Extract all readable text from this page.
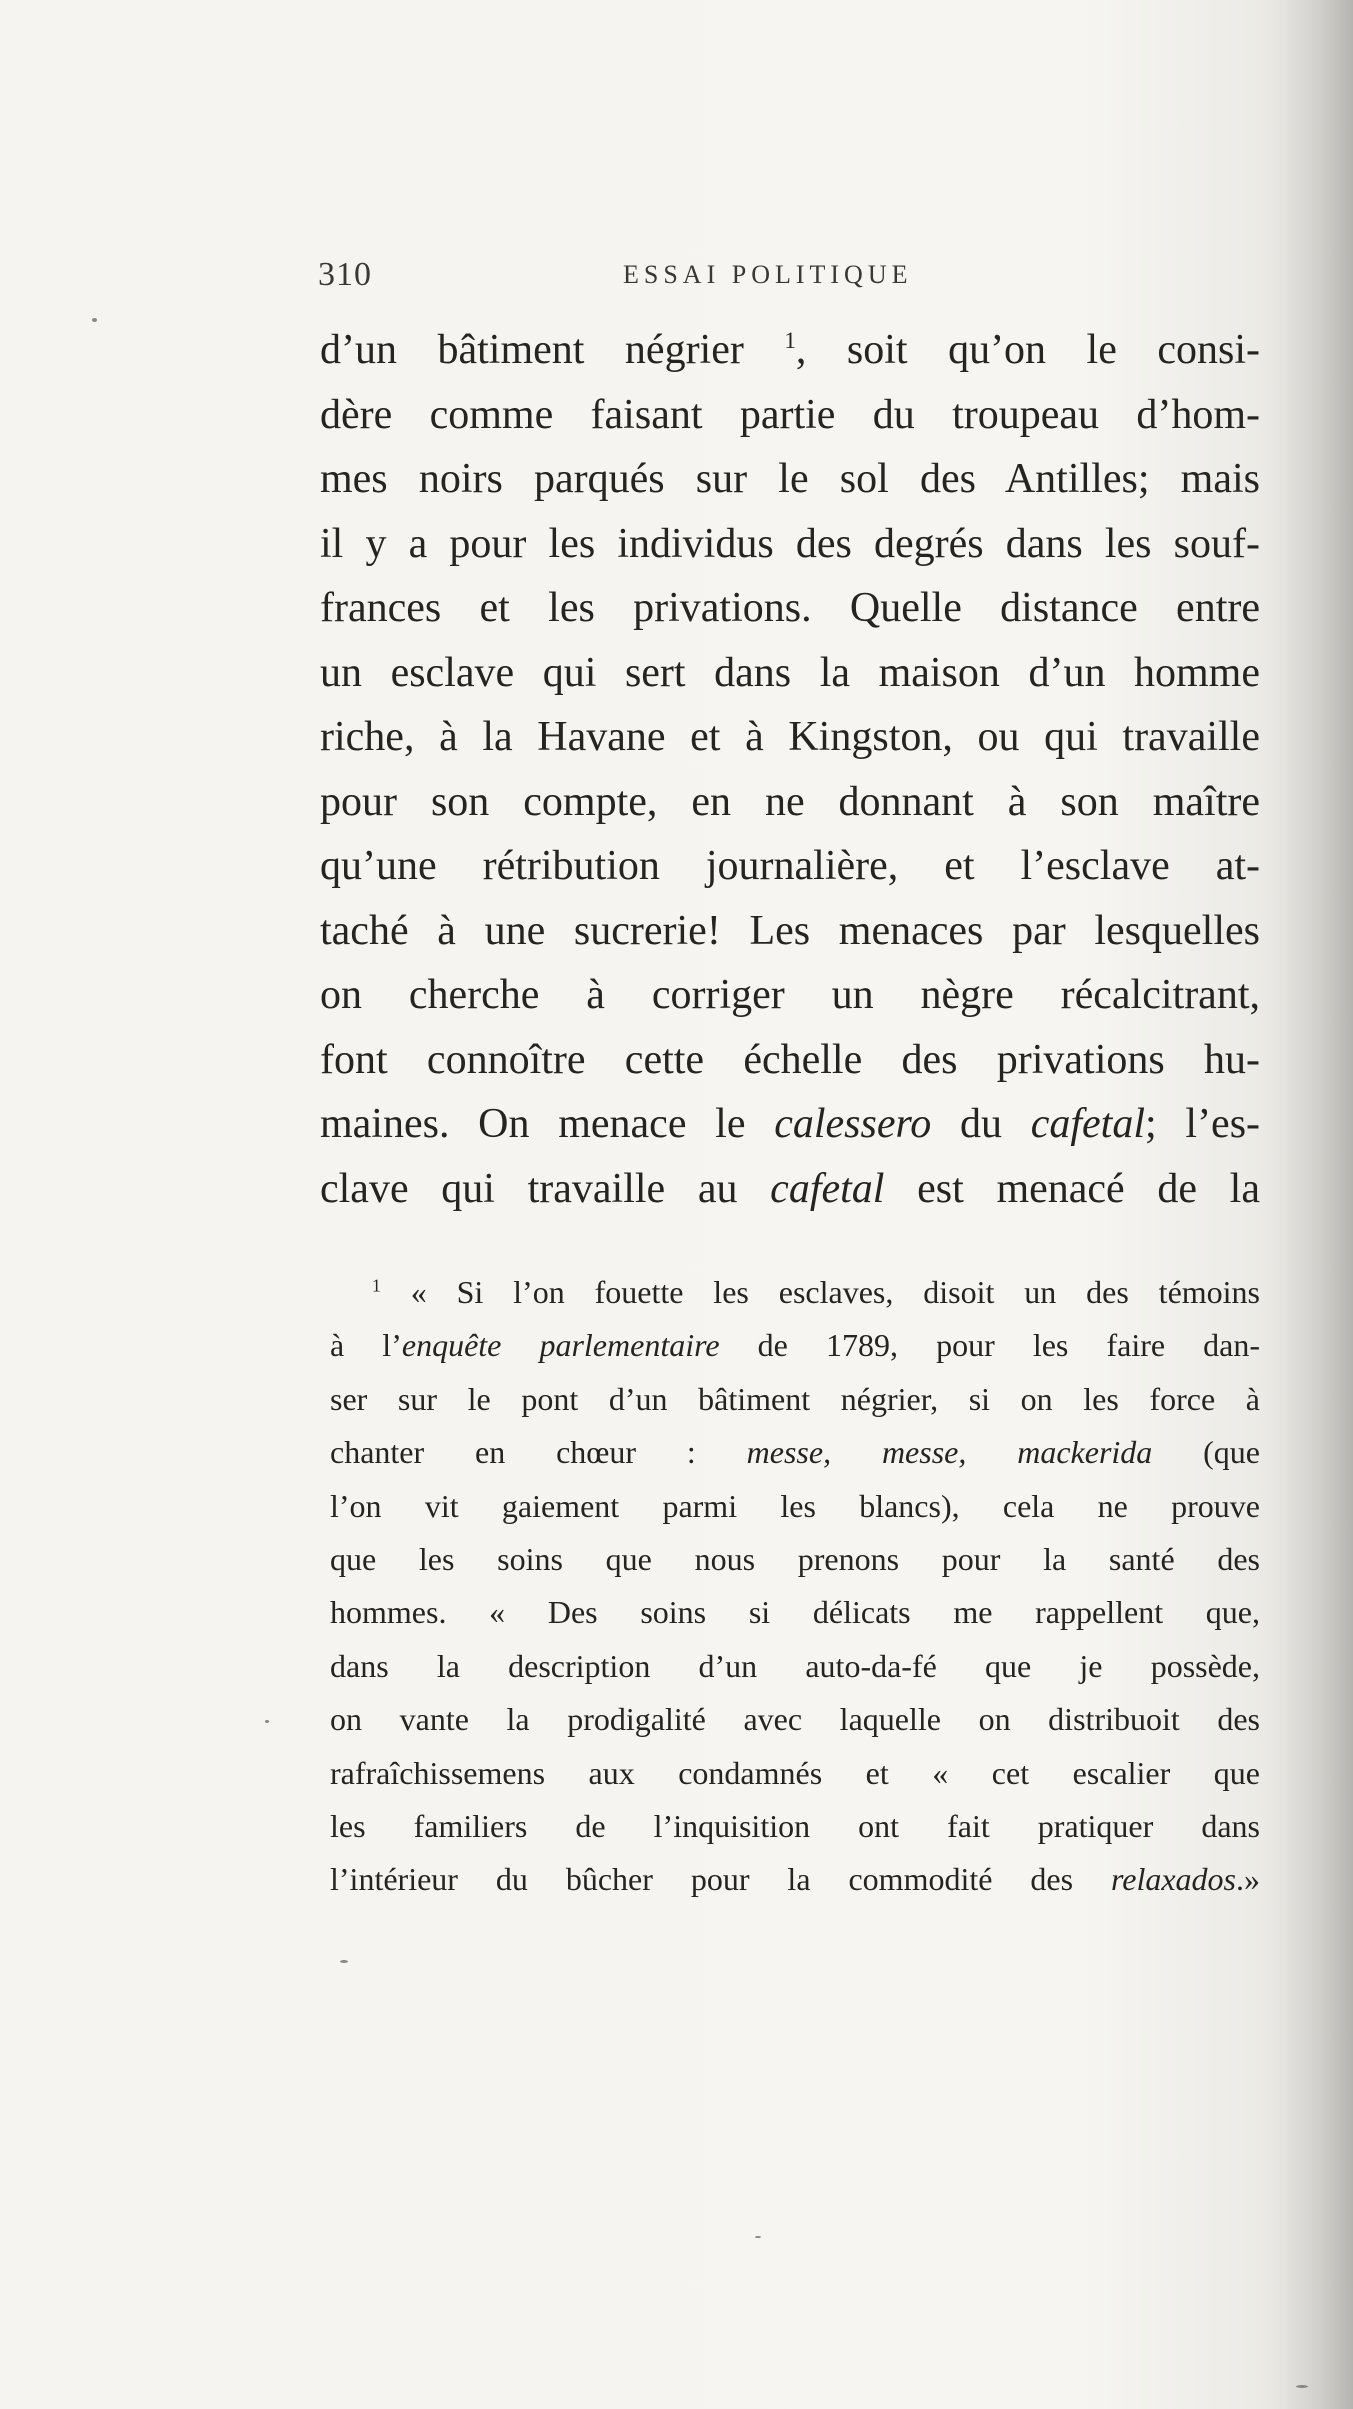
310	ESSAI POLITIQUE
d’un bâtiment négrier $^1$, soit qu’on le consi-
dère comme faisant partie du troupeau d’hom-
mes noirs parqués sur le sol des Antilles; mais
il y a pour les individus des degrés dans les souf-
frances et les privations. Quelle distance entre
un esclave qui sert dans la maison d’un homme
riche, à la Havane et à Kingston, ou qui travaille
pour son compte, en ne donnant à son maître
qu’une rétribution journalière, et l’esclave at-
taché à une sucrerie! Les menaces par lesquelles
on cherche à corriger un nègre récalcitrant,
font connoître cette échelle des privations hu-
maines. On menace le calessero du cafetal; l’es-
clave qui travaille au cafetal est menacé de la
$^1$ « Si l’on fouette les esclaves, disoit un des témoins
à l’enquête parlementaire de 1789, pour les faire dan-
ser sur le pont d’un bâtiment négrier, si on les force à
chanter en chœur : messe, messe, mackerida (que
l’on vit gaiement parmi les blancs), cela ne prouve
que les soins que nous prenons pour la santé des
hommes. « Des soins si délicats me rappellent que,
dans la description d’un auto-da-fé que je possède,
on vante la prodigalité avec laquelle on distribuoit des
rafraîchissemens aux condamnés et « cet escalier que
les familiers de l’inquisition ont fait pratiquer dans
l’intérieur du bûcher pour la commodité des relaxados.»
